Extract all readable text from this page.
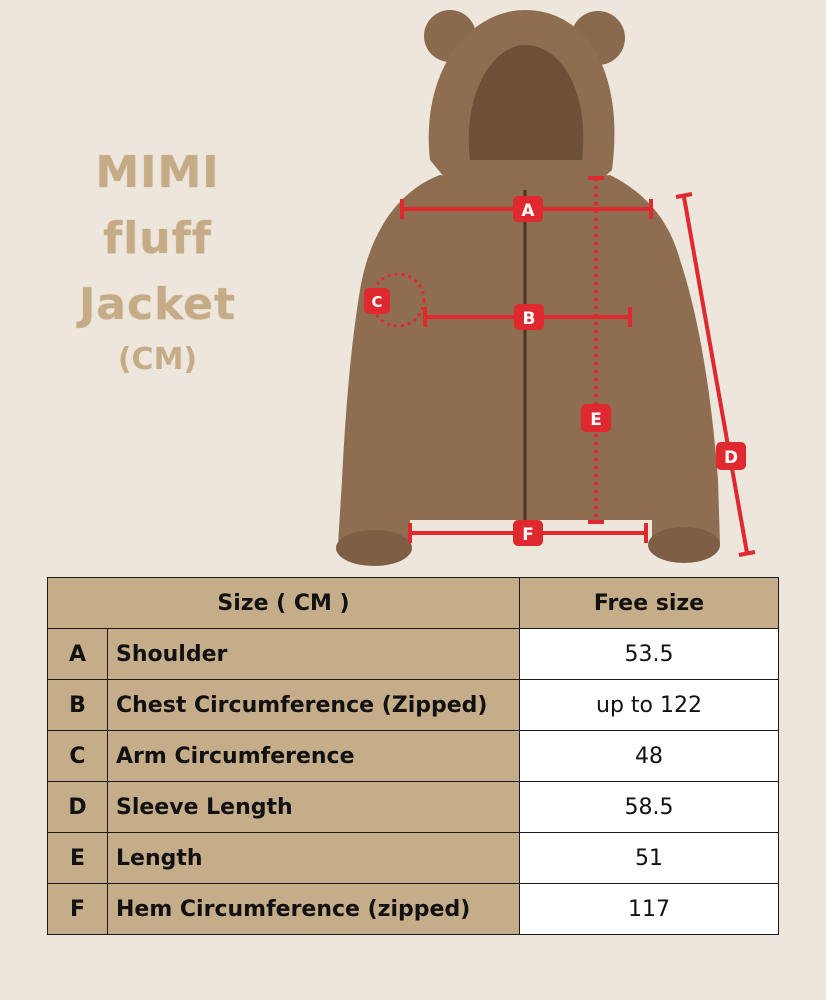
MIMI
fluff
Jacket
(CM)
A
B
C
E
D
F
Size ( CM )		Free size
A	Shoulder	53.5
B	Chest Circumference (Zipped)	up to 122
C	Arm Circumference	48
D	Sleeve Length	58.5
E	Length	51
F	Hem Circumference (zipped)	117
